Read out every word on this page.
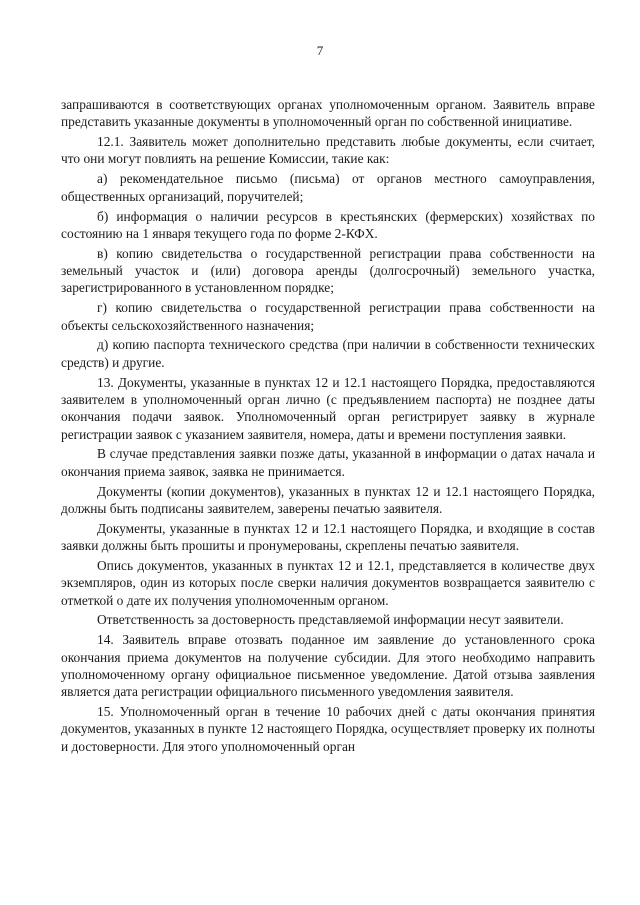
7

запрашиваются в соответствующих органах уполномоченным органом. Заявитель вправе представить указанные документы в уполномоченный орган по собственной инициативе.

12.1. Заявитель может дополнительно представить любые документы, если считает, что они могут повлиять на решение Комиссии, такие как:

а) рекомендательное письмо (письма) от органов местного самоуправления, общественных организаций, поручителей;

б) информация о наличии ресурсов в крестьянских (фермерских) хозяйствах по состоянию на 1 января текущего года по форме 2-КФХ.

в) копию свидетельства о государственной регистрации права собственности на земельный участок и (или) договора аренды (долгосрочный) земельного участка, зарегистрированного в установленном порядке;

г) копию свидетельства о государственной регистрации права собственности на объекты сельскохозяйственного назначения;

д) копию паспорта технического средства (при наличии в собственности технических средств) и другие.

13. Документы, указанные в пунктах 12 и 12.1 настоящего Порядка, предоставляются заявителем в уполномоченный орган лично (с предъявлением паспорта) не позднее даты окончания подачи заявок. Уполномоченный орган регистрирует заявку в журнале регистрации заявок с указанием заявителя, номера, даты и времени поступления заявки.

В случае представления заявки позже даты, указанной в информации о датах начала и окончания приема заявок, заявка не принимается.

Документы (копии документов), указанных в пунктах 12 и 12.1 настоящего Порядка, должны быть подписаны заявителем, заверены печатью заявителя.

Документы, указанные в пунктах 12 и 12.1 настоящего Порядка, и входящие в состав заявки должны быть прошиты и пронумерованы, скреплены печатью заявителя.

Опись документов, указанных в пунктах 12 и 12.1, представляется в количестве двух экземпляров, один из которых после сверки наличия документов возвращается заявителю с отметкой о дате их получения уполномоченным органом.

Ответственность за достоверность представляемой информации несут заявители.

14. Заявитель вправе отозвать поданное им заявление до установленного срока окончания приема документов на получение субсидии. Для этого необходимо направить уполномоченному органу официальное письменное уведомление. Датой отзыва заявления является дата регистрации официального письменного уведомления заявителя.

15. Уполномоченный орган в течение 10 рабочих дней с даты окончания принятия документов, указанных в пункте 12 настоящего Порядка, осуществляет проверку их полноты и достоверности. Для этого уполномоченный орган
